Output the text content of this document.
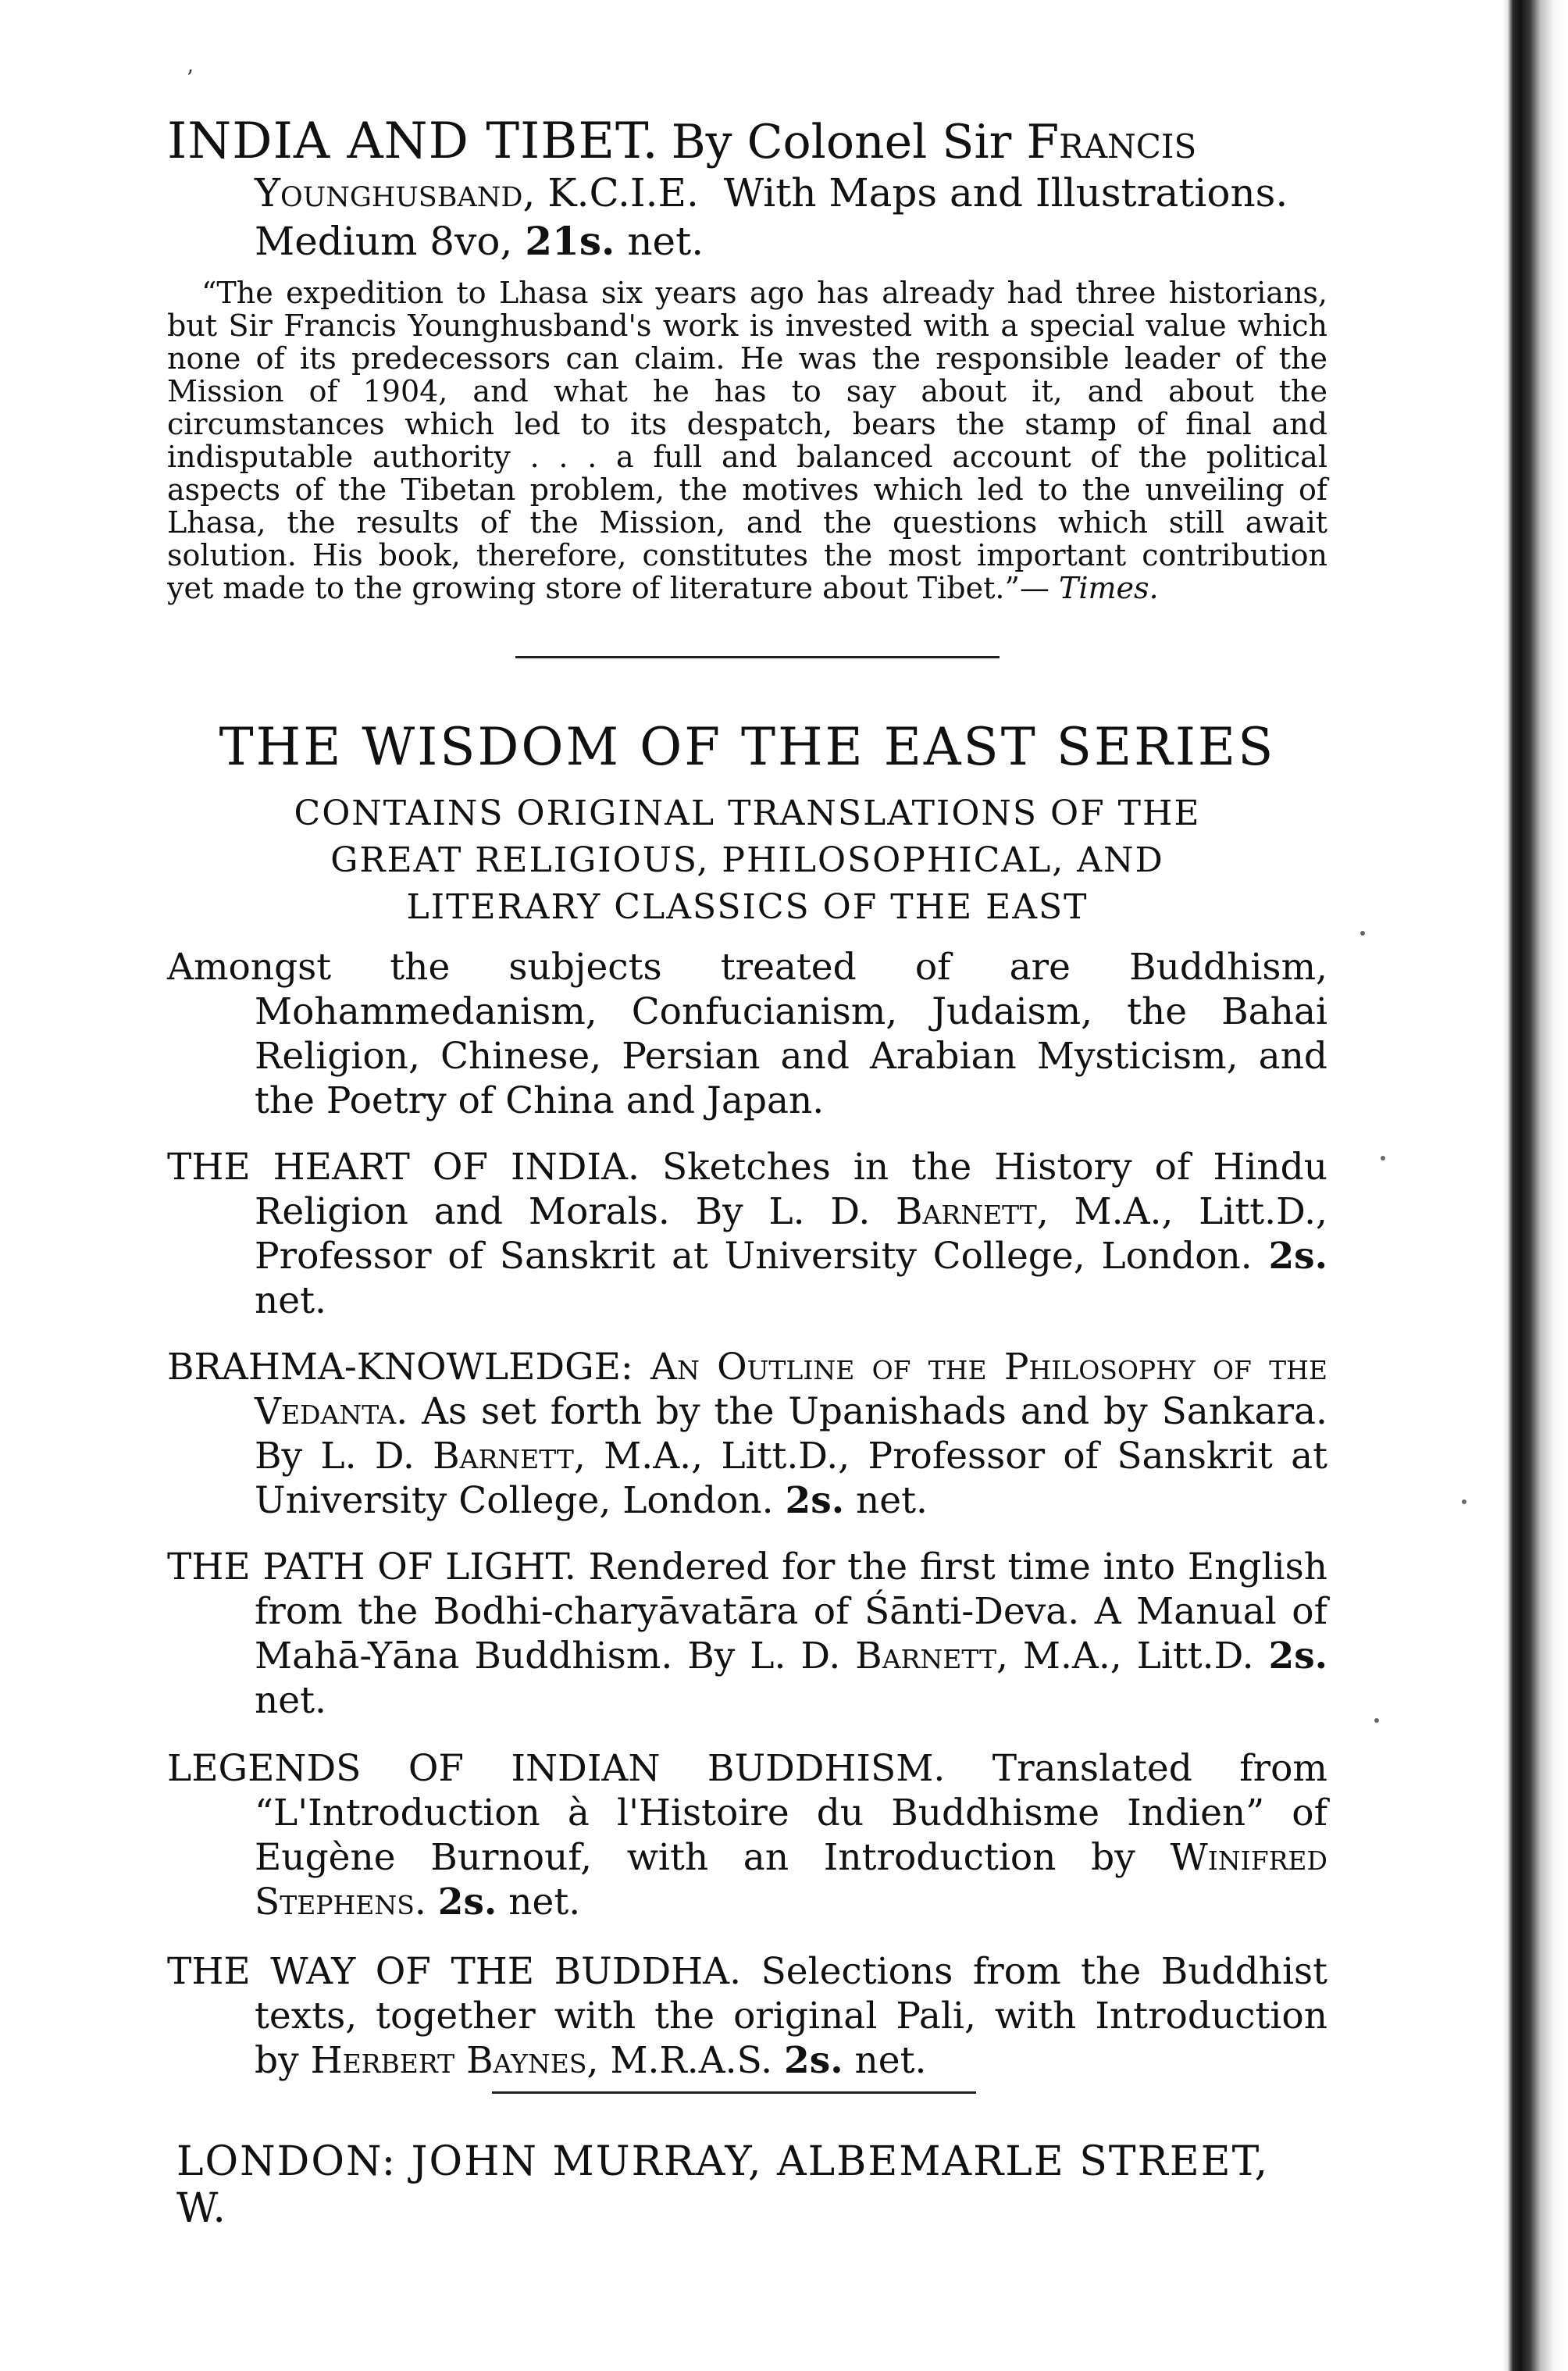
ʼ

INDIA AND TIBET. By Colonel Sir Francis
Younghusband, K.C.I.E. With Maps and Illustrations.
Medium 8vo, 21s. net.

“The expedition to Lhasa six years ago has already had three historians, but Sir Francis Younghusband's work is invested with a special value which none of its predecessors can claim. He was the responsible leader of the Mission of 1904, and what he has to say about it, and about the circumstances which led to its despatch, bears the stamp of final and indisputable authority . . . a full and balanced account of the political aspects of the Tibetan problem, the motives which led to the unveiling of Lhasa, the results of the Mission, and the questions which still await solution. His book, therefore, constitutes the most important contribution yet made to the growing store of literature about Tibet.”— Times.

THE WISDOM OF THE EAST SERIES

CONTAINS ORIGINAL TRANSLATIONS OF THE

GREAT RELIGIOUS, PHILOSOPHICAL, AND

LITERARY CLASSICS OF THE EAST

Amongst the subjects treated of are Buddhism, Mohammedanism, Confucianism, Judaism, the Bahai Religion, Chinese, Persian and Arabian Mysticism, and the Poetry of China and Japan.

THE HEART OF INDIA. Sketches in the History of Hindu Religion and Morals. By L. D. Barnett, M.A., Litt.D., Professor of Sanskrit at University College, London. 2s. net.

BRAHMA-KNOWLEDGE: An Outline of the Philosophy of the Vedanta. As set forth by the Upanishads and by Sankara. By L. D. Barnett, M.A., Litt.D., Professor of Sanskrit at University College, London. 2s. net.

THE PATH OF LIGHT. Rendered for the first time into English from the Bodhi-charyāvatāra of Śānti-Deva. A Manual of Mahā-Yāna Buddhism. By L. D. Barnett, M.A., Litt.D. 2s. net.

LEGENDS OF INDIAN BUDDHISM. Translated from “L'Introduction à l'Histoire du Buddhisme Indien” of Eugène Burnouf, with an Introduction by Winifred Stephens. 2s. net.

THE WAY OF THE BUDDHA. Selections from the Buddhist texts, together with the original Pali, with Introduction by Herbert Baynes, M.R.A.S. 2s. net.

LONDON: JOHN MURRAY, ALBEMARLE STREET, W.
